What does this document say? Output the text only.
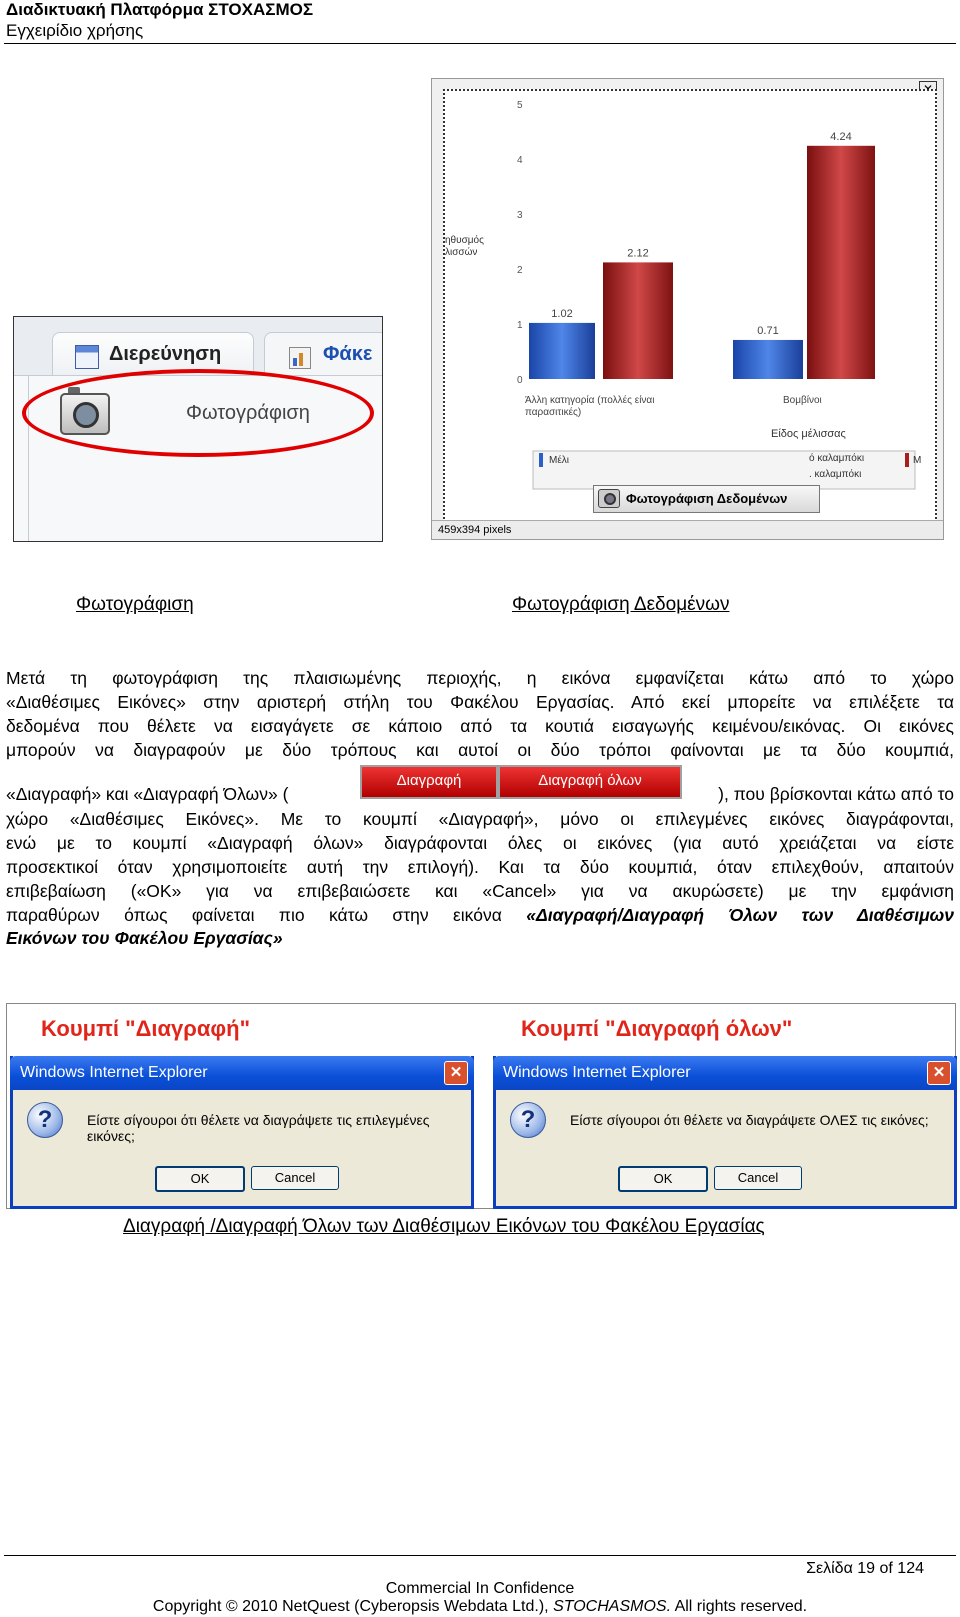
Διαδικτυακή Πλατφόρμα ΣΤΟΧΑΣΜΟΣ
Εγχειρίδιο χρήσης
Διερεύνηση	Φάκε
Φωτογράφιση
5
4
3
2
1
0
1.02
2.12
0.71
4.24
ηθυσμός
λισσών
Άλλη κατηγορία (πολλές είναι
παρασιτικές)
Βομβίνοι
Είδος μέλισσας
Μέλι	ό καλαμπόκι
. καλαμπόκι
Μ
Φωτογράφιση Δεδομένων
459x394 pixels
Φωτογράφιση	Φωτογράφιση Δεδομένων
Μετά τη φωτογράφιση της πλαισιωμένης περιοχής, η εικόνα εμφανίζεται κάτω από το χώρο
«Διαθέσιμες Εικόνες» στην αριστερή στήλη του Φακέλου Εργασίας. Από εκεί μπορείτε να επιλέξετε τα
δεδομένα που θέλετε να εισαγάγετε σε κάποιο από τα κουτιά εισαγωγής κειμένου/εικόνας. Οι εικόνες
μπορούν να διαγραφούν με δύο τρόπους και αυτοί οι δύο τρόποι φαίνονται με τα δύο κουμπιά,
«Διαγραφή» και «Διαγραφή Όλων» (
Διαγραφή	Διαγραφή όλων
), που βρίσκονται κάτω από το
χώρο «Διαθέσιμες Εικόνες». Με το κουμπί «Διαγραφή», μόνο οι επιλεγμένες εικόνες διαγράφονται,
ενώ με το κουμπί «Διαγραφή όλων» διαγράφονται όλες οι εικόνες (για αυτό χρειάζεται να είστε
προσεκτικοί όταν χρησιμοποιείτε αυτή την επιλογή). Και τα δύο κουμπιά, όταν επιλεχθούν, απαιτούν
επιβεβαίωση («OK» για να επιβεβαιώσετε και «Cancel» για να ακυρώσετε) με την εμφάνιση
παραθύρων όπως φαίνεται πιο κάτω στην εικόνα «Διαγραφή/Διαγραφή Όλων των Διαθέσιμων
Εικόνων του Φακέλου Εργασίας»
Κουμπί "Διαγραφή"	Κουμπί "Διαγραφή όλων"
Windows Internet Explorer	✕
?	Είστε σίγουροι ότι θέλετε να διαγράψετε τις επιλεγμένες εικόνες;
OK	Cancel
Windows Internet Explorer	✕
?	Είστε σίγουροι ότι θέλετε να διαγράψετε ΟΛΕΣ τις εικόνες;
OK	Cancel
Διαγραφή /Διαγραφή Όλων των Διαθέσιμων Εικόνων του Φακέλου Εργασίας
Σελίδα 19 of 124
Commercial In Confidence
Copyright © 2010 NetQuest (Cyberopsis Webdata Ltd.), STOCHASMOS. All rights reserved.
